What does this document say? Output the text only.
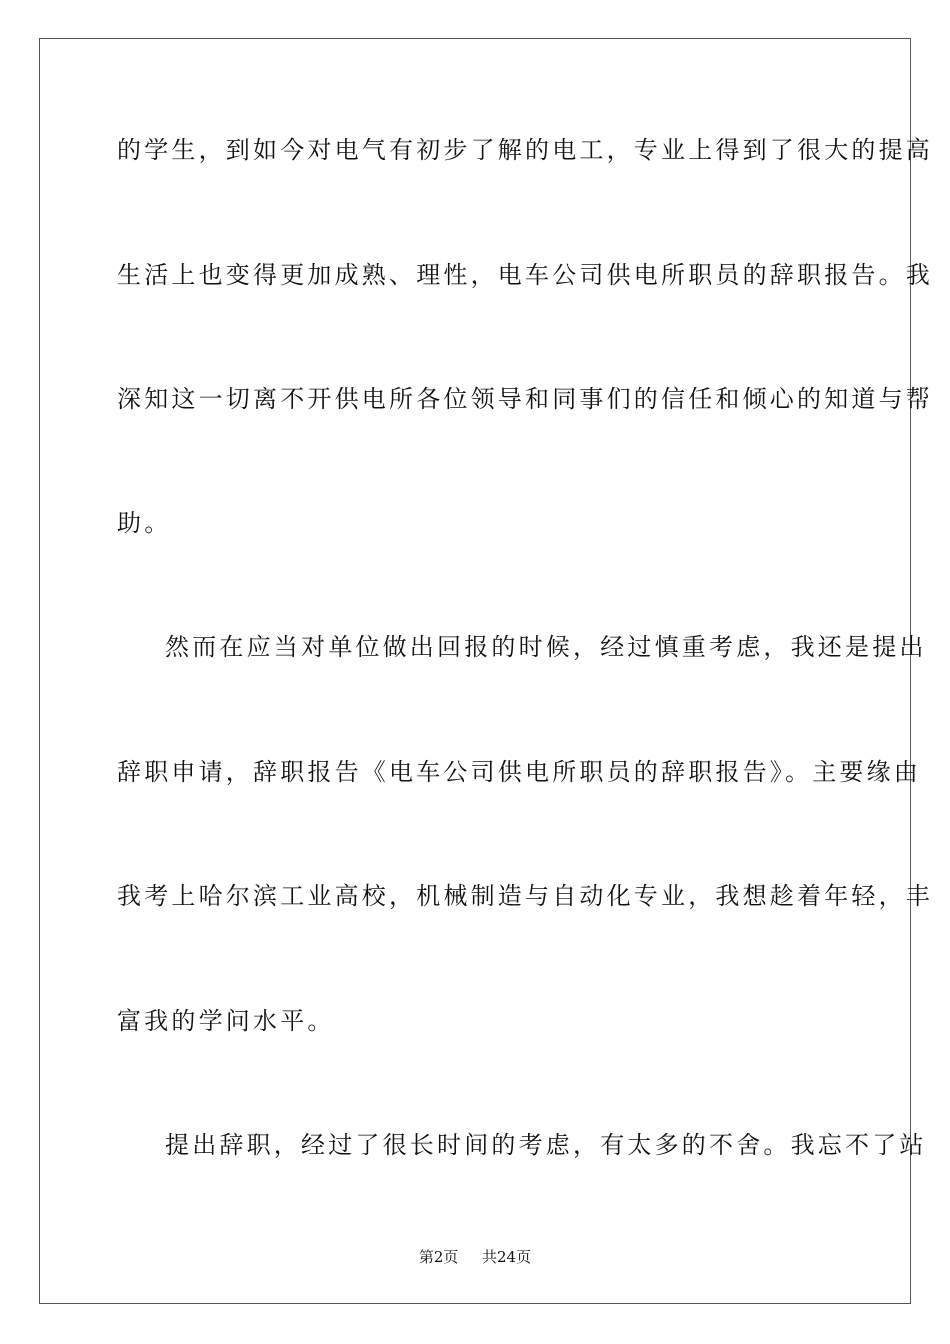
的学生，到如今对电气有初步了解的电工，专业上得到了很大的提高
生活上也变得更加成熟、理性，电车公司供电所职员的辞职报告。我
深知这一切离不开供电所各位领导和同事们的信任和倾心的知道与帮
助。
然而在应当对单位做出回报的时候，经过慎重考虑，我还是提出
辞职申请，辞职报告《电车公司供电所职员的辞职报告》。主要缘由
我考上哈尔滨工业高校，机械制造与自动化专业，我想趁着年轻，丰
富我的学问水平。
提出辞职，经过了很长时间的考虑，有太多的不舍。我忘不了站
第2页 共24页
